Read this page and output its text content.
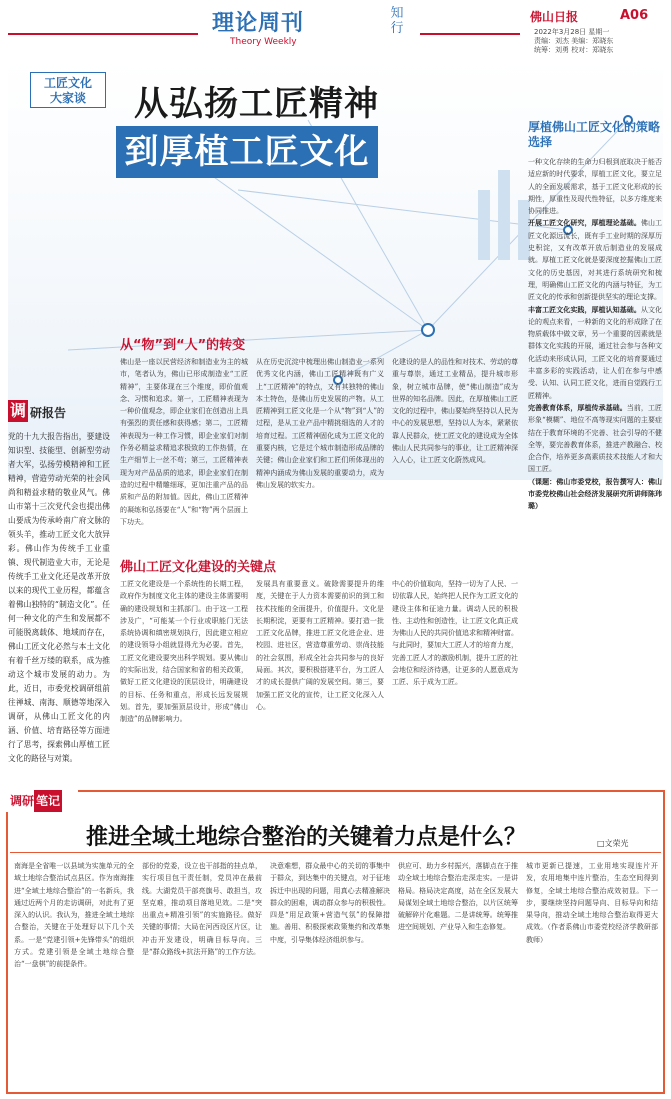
理论周刊	知行
Theory Weekly
佛山日报	A06
2022年3月28日 星期一
责编：刘杰 美编：郑晓东
统筹：刘勇 校对：郑晓东
工匠文化
大家谈	从弘扬工匠精神
到厚植工匠文化
调 研报告
党的十九大报告指出，要建设知识型、技能型、创新型劳动者大军，弘扬劳模精神和工匠精神，营造劳动光荣的社会风尚和精益求精的敬业风气。佛山市第十三次党代会也提出佛山要成为传承岭南广府文脉的领头羊，推动工匠文化大放异彩。佛山作为传统手工业重镇、现代制造业大市，无论是传统手工业文化还是改革开放以来的现代工业历程，都蕴含着佛山独特的“制造文化”。任何一种文化的产生和发展都不可能脱离载体、地域而存在，佛山工匠文化必然与本土文化有着千丝万缕的联系，成为推动这个城市发展的动力。为此，近日，市委党校调研组前往禅城、南海、顺德等地深入调研，从佛山工匠文化的内涵、价值、培育路径等方面进行了思考，探索佛山厚植工匠文化的路径与对策。
从“物”到“人”的转变
佛山是一座以民营经济和制造业为主的城市，笔者认为，佛山已形成制造业“工匠精神”，主要体现在三个维度，即价值观念、习惯和追求。第一，工匠精神表现为一种价值观念，即企业家们在创造出上具有强烈的责任感和获得感；第二，工匠精神表现为一种工作习惯，即企业家们对制作务必精益求精追求极致的工作热情，在生产细节上一丝不苟；第三，工匠精神表现为对产品品质的追求，即企业家们在制造的过程中精雕细琢，更加注重产品的品质和产品的附加值。因此，佛山工匠精神的凝练和弘扬要在“人”和“物”两个层面上下功夫。
从在历史沉淀中梳理出佛山制造业一系列优秀文化内涵，佛山工匠精神既有广义上“工匠精神”的特点，又有其独特的佛山本土特色，是佛山历史发展的产物。从工匠精神到工匠文化是一个从“物”到“人”的过程，是从工业产品中精挑细选的人才的培育过程。工匠精神固化成为工匠文化的重要内核，它是过个城市制造形成品牌的关键；佛山企业家们和工匠们所体现出的精神内涵成为佛山发展的重要动力，成为佛山发展的软实力。
化建设的是人的品性和对技术、劳动的尊重与尊崇，通过工业精品，提升城市形象，树立城市品牌，使“佛山制造”成为世界的知名品牌。因此，在厚植佛山工匠文化的过程中，佛山要始终坚持以人民为中心的发展思想，坚持以人为本，紧紧依靠人民群众，使工匠文化的建设成为全体佛山人民共同参与的事业，让工匠精神深入人心，让工匠文化蔚然成风。
佛山工匠文化建设的关键点
工匠文化建设是一个系统性的长期工程，政府作为制度文化主体的建设主体需要明确的建设规划和主抓部门。由于这一工程涉及广，“可能某一个行业或职能门无法系统协调和缜密规划执行，因此建立相应的建设领导小组就显得尤为必要。首先，工匠文化建设要突出科学规划。要从佛山的实际出发，结合国家和省的相关政策，做好工匠文化建设的顶层设计，明确建设的目标、任务和重点，形成长远发展规划。首先，要加强顶层设计，形成“佛山制造”的品牌影响力。
发展具有重要意义。破除需要提升的维度，关键在于人力资本需要前识的到工和技术技能的全面提升，价值提升。文化是长期积淀，更要有工匠精神。要打造一批工匠文化品牌，推进工匠文化进企业、进校园、进社区，营造尊重劳动、崇尚技能的社会氛围，形成全社会共同参与的良好局面。其次，要积极搭建平台，为工匠人才的成长提供广阔的发展空间。第三，要加强工匠文化的宣传，让工匠文化深入人心。
中心的价值取向，坚持一切为了人民、一切依靠人民，始终把人民作为工匠文化的建设主体和征途力量。调动人民的积极性、主动性和创造性，让工匠文化真正成为佛山人民的共同价值追求和精神财富。与此同时，要加大工匠人才的培育力度，完善工匠人才的激励机制，提升工匠的社会地位和经济待遇，让更多的人愿意成为工匠、乐于成为工匠。
厚植佛山工匠文化的策略选择
一种文化存续的生命力归根到底取决于能否适应新的时代要求，厚植工匠文化，要立足人的全面发展需求，基于工匠文化形成的长期性，厚重性及现代性特征，以多方维度来协同推进。
开展工匠文化研究，厚植理论基础。佛山工匠文化源远流长，既有手工业时期的深厚历史积淀，又有改革开放后制造业的发展成就。厚植工匠文化就是要深度挖掘佛山工匠文化的历史基因，对其进行系统研究和梳理，明确佛山工匠文化的内涵与特征，为工匠文化的传承和创新提供坚实的理论支撑。
丰富工匠文化实践，厚植认知基础。从文化论的观点来看，一种新的文化的形成除了在物质载体中做文章，另一个重要的因素就是群体文化实践的开展，通过社会参与各种文化活动来形成认同，工匠文化的培育要通过丰富多彩的实践活动，让人们在参与中感受、认知、认同工匠文化，进而自觉践行工匠精神。
完善教育体系，厚植传承基础。当前，工匠形象“模糊”、地位不高等现实问题的主要症结在于教育环境的不完善、社会引导的不健全等，要完善教育体系，推进产教融合、校企合作，培养更多高素质技术技能人才和大国工匠。
（课题：佛山市委党校，报告撰写人：佛山市委党校佛山社会经济发展研究所讲师陈玮璐）
调研 笔记
推进全域土地综合整治的关键着力点是什么？	□文荣光
南海是全省唯一以县域为实施单元的全域土地综合整治试点县区。作为南海推进“全域土地综合整治”的一名新兵，我通过近两个月的走访调研，对此有了更深入的认识。我认为，推进全域土地综合整治，关键在于处理好以下几个关系。一是“党建引领+先锋带头”的组织方式。党建引领是全域土地综合整治“一盘棋”的前提条件。
部份的党委，设立也干部指的挂点单，实行项目包干责任制，党员冲在最前线。大湖党员干部亮旗号、敢担当，攻坚克难，推动项目落地见效。二是“突出重点+精准引领”的实施路径。做好关键的事情；大局在河西设区片区，让冲击开发建设，明确目标导向。三是“群众路线+抗法开路”的工作方法。
决意难想，群众最中心的关切的事集中于群众，到达集中的关键点，对于征地拆迁中出现的问题，用真心去精准解决群众的困难，调动群众参与的积极性。四是“用足政策+营造气氛”的保障措施。善用、积极探索政策集约和改革集中度，引导集体经济组织参与。
供应可、助力乡村振兴，落脚点在于推动全域土地综合整治走深走实。一是讲格局。格局决定高度，站在全区发展大局谋划全域土地综合整治，以片区统筹破解碎片化难题。二是讲统筹。统筹推进空间规划、产业导入和生态修复。
城市更新已提速，工业用地实现连片开发，农用地集中连片整治，生态空间得到修复，全域土地综合整治成效初显。下一步，要继续坚持问题导向、目标导向和结果导向，推动全域土地综合整治取得更大成效。（作者系佛山市委党校经济学教研部教师）
